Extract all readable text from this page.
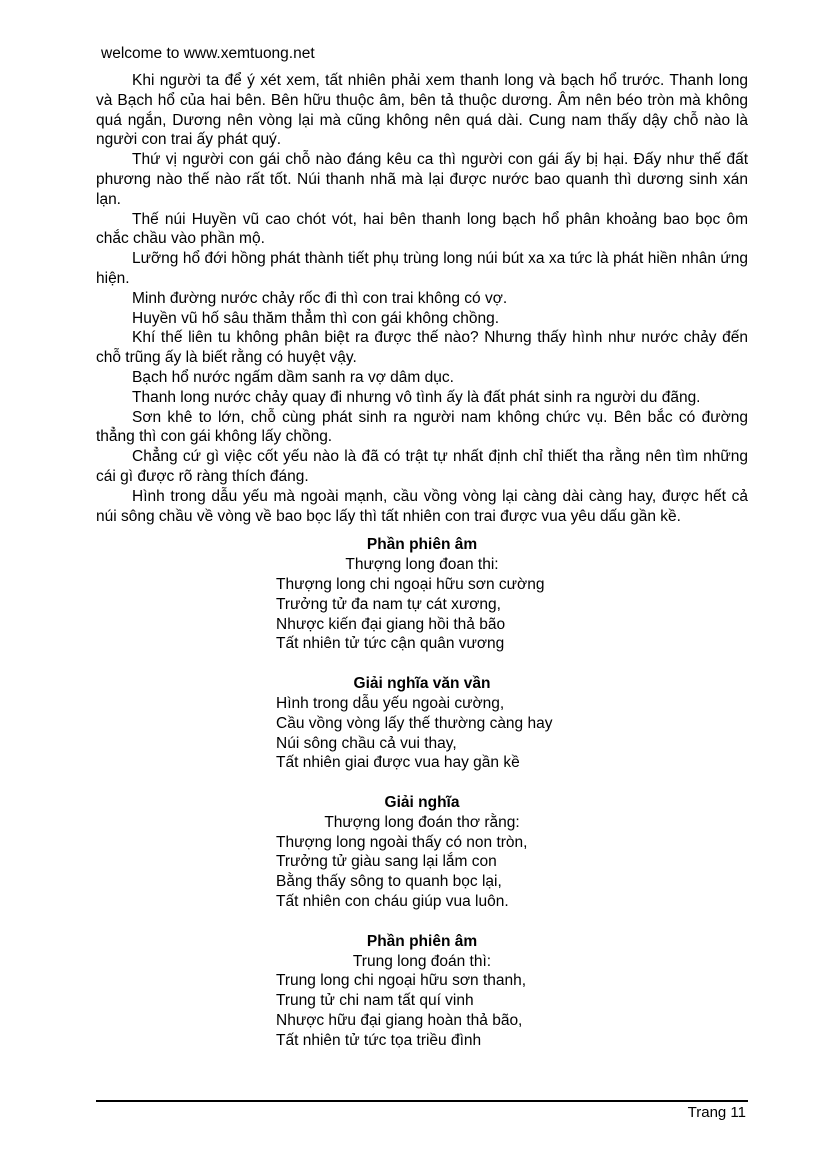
welcome to www.xemtuong.net

Khi người ta để ý xét xem, tất nhiên phải xem thanh long và bạch hổ trước. Thanh long và Bạch hổ của hai bên. Bên hữu thuộc âm, bên tả thuộc dương. Âm nên béo tròn mà không quá ngắn, Dương nên vòng lại mà cũng không nên quá dài. Cung nam thấy dậy chỗ nào là người con trai ấy phát quý.

Thứ vị người con gái chỗ nào đáng kêu ca thì người con gái ấy bị hại. Đấy như thế đất phương nào thế nào rất tốt. Núi thanh nhã mà lại được nước bao quanh thì dương sinh xán lạn.

Thế núi Huyền vũ cao chót vót, hai bên thanh long bạch hổ phân khoảng bao bọc ôm chắc chầu vào phần mộ.

Lưỡng hổ đới hồng phát thành tiết phụ trùng long núi bút xa xa tức là phát hiền nhân ứng hiện.

Minh đường nước chảy rốc đi thì con trai không có vợ.

Huyền vũ hố sâu thăm thẳm thì con gái không chồng.

Khí thế liên tu không phân biệt ra được thế nào? Nhưng thấy hình như nước chảy đến chỗ trũng ấy là biết rằng có huyệt vậy.

Bạch hổ nước ngấm dầm sanh ra vợ dâm dục.

Thanh long nước chảy quay đi nhưng vô tình ấy là đất phát sinh ra người du đãng.

Sơn khê to lớn, chỗ cùng phát sinh ra người nam không chức vụ. Bên bắc có đường thẳng thì con gái không lấy chồng.

Chẳng cứ gì việc cốt yếu nào là đã có trật tự nhất định chỉ thiết tha rằng nên tìm những cái gì được rõ ràng thích đáng.

Hình trong dẫu yếu mà ngoài mạnh, cầu vồng vòng lại càng dài càng hay, được hết cả núi sông chầu về vòng về bao bọc lấy thì tất nhiên con trai được vua yêu dấu gần kề.

Phần phiên âm
Thượng long đoan thi:
Thượng long chi ngoại hữu sơn cường
Trưởng tử đa nam tự cát xương,
Nhược kiến đại giang hồi thả bão
Tất nhiên tử tức cận quân vương
Giải nghĩa văn vần
Hình trong dẫu yếu ngoài cường,
Cầu vồng vòng lấy thế thường càng hay
Núi sông chầu cả vui thay,
Tất nhiên giai được vua hay gần kề
Giải nghĩa
Thượng long đoán thơ rằng:
Thượng long ngoài thấy có non tròn,
Trưởng tử giàu sang lại lắm con
Bằng thấy sông to quanh bọc lại,
Tất nhiên con cháu giúp vua luôn.
Phần phiên âm
Trung long đoán thì:
Trung long chi ngoại hữu sơn thanh,
Trung tử chi nam tất quí vinh
Nhược hữu đại giang hoàn thả bão,
Tất nhiên tử tức tọa triều đình
Trang 11
